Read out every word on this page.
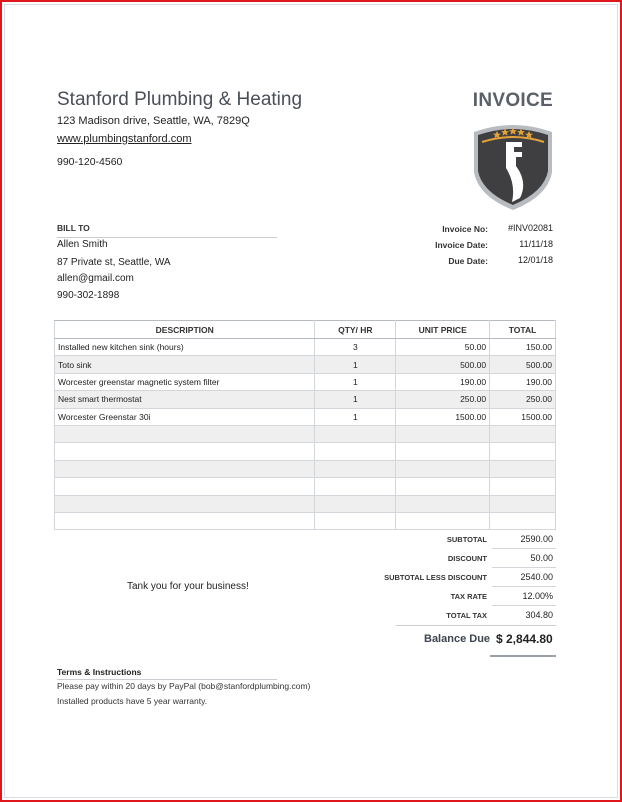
Stanford Plumbing & Heating
123 Madison drive, Seattle, WA, 7829Q
www.plumbingstanford.com
990-120-4560
INVOICE
BILL TO
Allen Smith
87 Private st, Seattle, WA
allen@gmail.com
990-302-1898
Invoice No: #INV02081
Invoice Date:	11/11/18
Due Date:	12/01/18
DESCRIPTION	QTY/ HR	UNIT PRICE	TOTAL
Installed new kitchen sink (hours)	3	50.00	150.00
Toto sink	1	500.00	500.00
Worcester greenstar magnetic system filter	1	190.00	190.00
Nest smart thermostat	1	250.00	250.00
Worcester Greenstar 30i	1	1500.00	1500.00

SUBTOTAL	2590.00
DISCOUNT	50.00
SUBTOTAL LESS DISCOUNT	2540.00
TAX RATE	12.00%
TOTAL TAX	304.80
Tank you for your business!
Balance Due $ 2,844.80
Terms & Instructions
Please pay within 20 days by PayPal (bob@stanfordplumbing.com)
Installed products have 5 year warranty.
